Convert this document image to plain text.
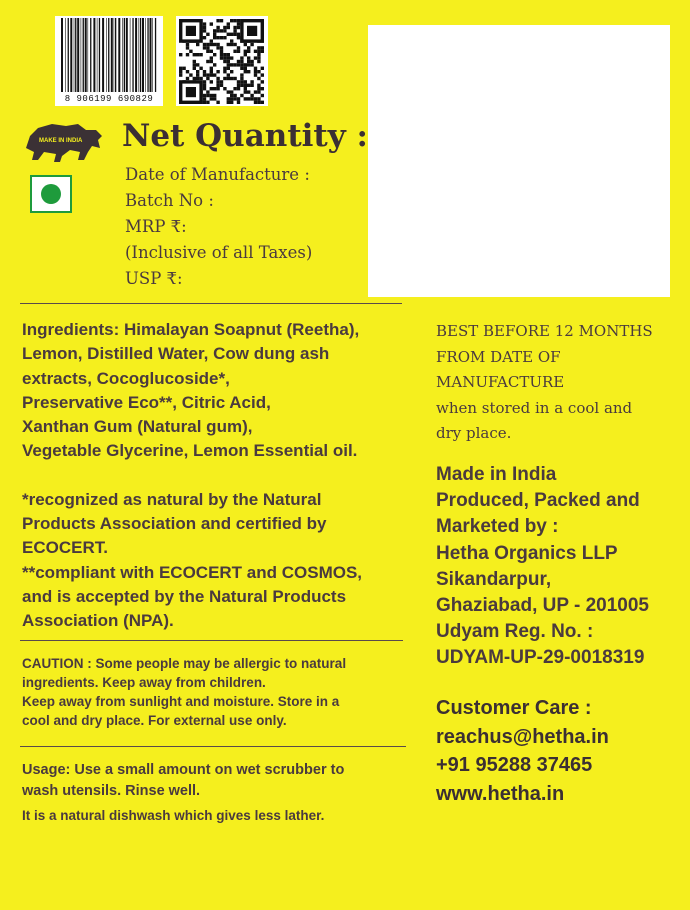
8 906199 690829
MAKE IN INDIA Net Quantity :
Date of Manufacture :
Batch No :
MRP ₹:
(Inclusive of all Taxes)
USP ₹:
Ingredients: Himalayan Soapnut (Reetha),
Lemon, Distilled Water, Cow dung ash
extracts, Cocoglucoside*,
Preservative Eco**, Citric Acid,
Xanthan Gum (Natural gum),
Vegetable Glycerine, Lemon Essential oil.
*recognized as natural by the Natural
Products Association and certified by
ECOCERT.
**compliant with ECOCERT and COSMOS,
and is accepted by the Natural Products
Association (NPA).
CAUTION : Some people may be allergic to natural
ingredients. Keep away from children.
Keep away from sunlight and moisture. Store in a
cool and dry place. For external use only.
Usage: Use a small amount on wet scrubber to
wash utensils. Rinse well.
It is a natural dishwash which gives less lather.
BEST BEFORE 12 MONTHS
FROM DATE OF
MANUFACTURE
when stored in a cool and
dry place.
Made in India
Produced, Packed and
Marketed by :
Hetha Organics LLP
Sikandarpur,
Ghaziabad, UP - 201005
Udyam Reg. No. :
UDYAM-UP-29-0018319
Customer Care :
reachus@hetha.in
+91 95288 37465
www.hetha.in
